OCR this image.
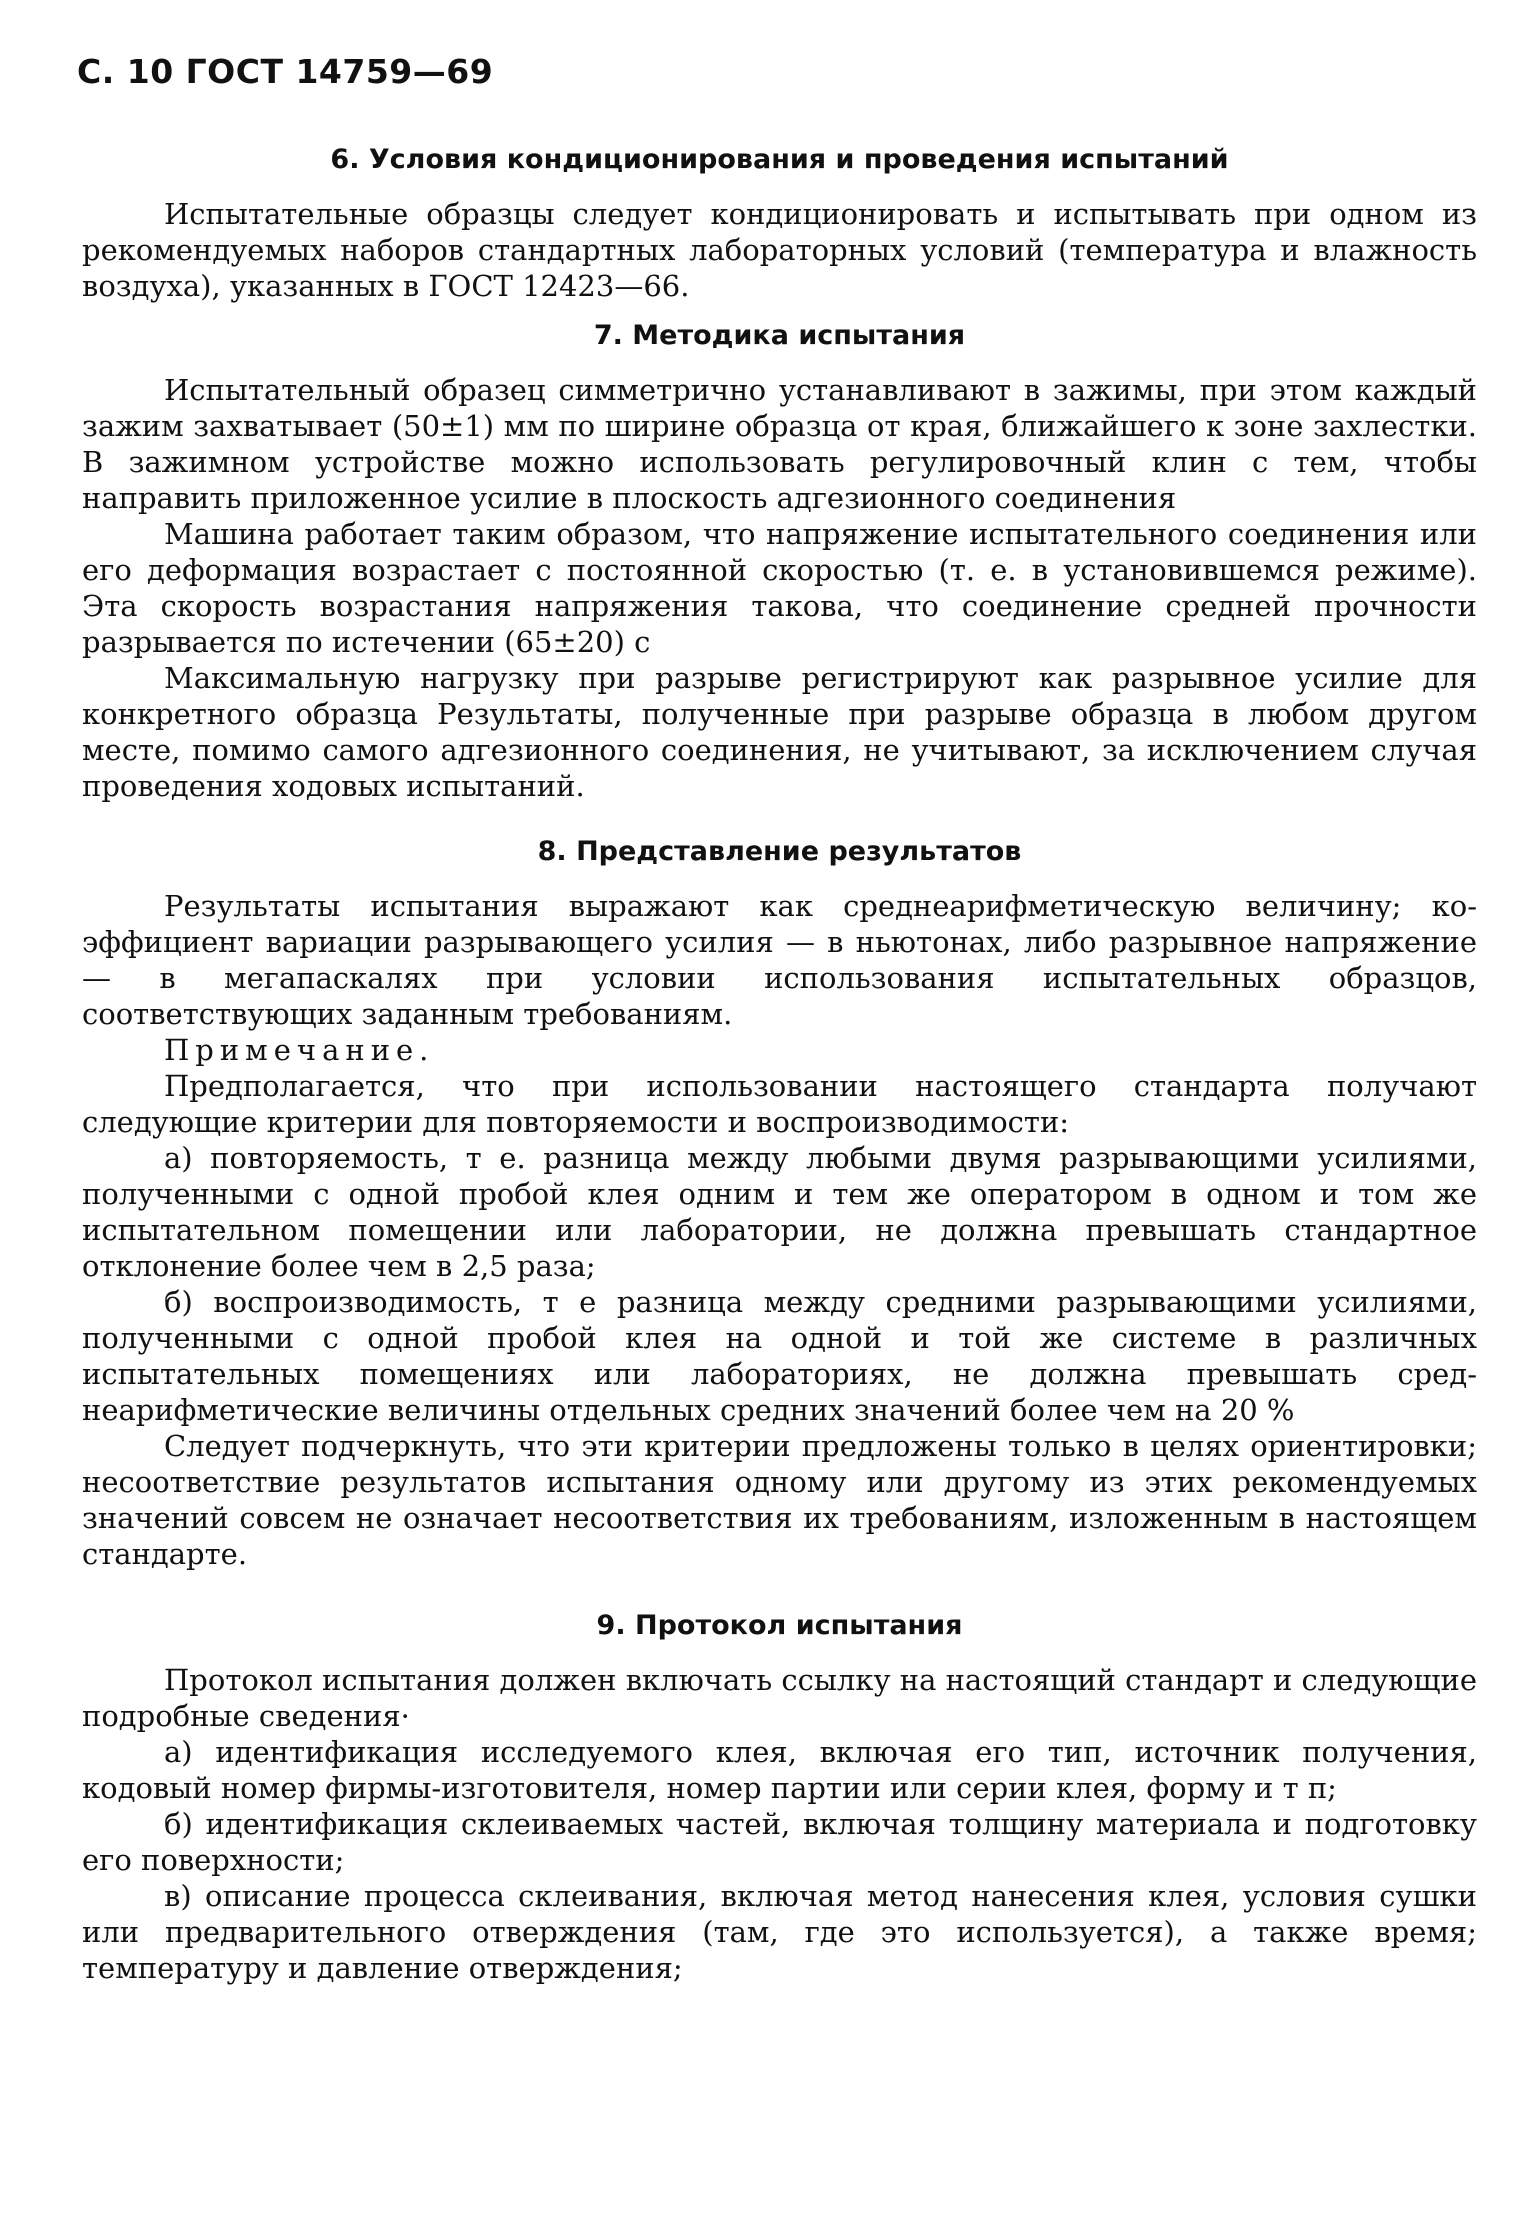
С. 10 ГОСТ 14759—69
6. Условия кондиционирования и проведения испытаний

Испытательные образцы следует кондиционировать и испытывать при одном из рекомендуемых наборов стандартных лабораторных условий (температура и влажность воздуха), указанных в ГОСТ 12423—66.

7. Методика испытания

Испытательный образец симметрично устанавливают в зажимы, при этом каждый зажим захватывает (50±1) мм по ширине образца от края, ближайшего к зоне захлестки. В зажимном устройстве можно использовать регулировочный клин с тем, чтобы направить приложенное усилие в плоскость адгезионного соединения

Машина работает таким образом, что напряжение испытательного соединения или его деформация возрастает с постоянной скоростью (т. е. в установившемся режиме). Эта скорость возрастания напряжения такова, что соединение средней прочности разрывается по истечении (65±20) с

Максимальную нагрузку при разрыве регистрируют как разрывное усилие для конкретного образца Результаты, полученные при разрыве образца в любом другом месте, помимо самого адгезионного соединения, не учитывают, за исключением случая проведения ходовых испытаний.

8. Представление результатов

Результаты испытания выражают как среднеарифметическую величину; коэффициент вариации разрывающего усилия — в ньютонах, либо разрывное напряжение — в мегапаскалях при условии использования испытательных образцов, соответствующих заданным требованиям.

Примечание.

Предполагается, что при использовании настоящего стандарта получают следующие критерии для повторяемости и воспроизводимости:

а) повторяемость, т е. разница между любыми двумя разрывающими усилиями, полученными с одной пробой клея одним и тем же оператором в одном и том же испытательном помещении или лаборатории, не должна превышать стандартное отклонение более чем в 2,5 раза;

б) воспроизводимость, т е разница между средними разрывающими усилиями, полученными с одной пробой клея на одной и той же системе в различных испытательных помещениях или лабораториях, не должна превышать среднеарифметические величины отдельных средних значений более чем на 20 %

Следует подчеркнуть, что эти критерии предложены только в целях ориентировки; несоответствие результатов испытания одному или другому из этих рекомендуемых значений совсем не означает несоответствия их требованиям, изложенным в настоящем стандарте.

9. Протокол испытания

Протокол испытания должен включать ссылку на настоящий стандарт и следующие подробные сведения·

а) идентификация исследуемого клея, включая его тип, источник получения, кодовый номер фирмы-изготовителя, номер партии или серии клея, форму и т п;

б) идентификация склеиваемых частей, включая толщину материала и подготовку его поверхности;

в) описание процесса склеивания, включая метод нанесения клея, условия сушки или предварительного отверждения (там, где это используется), а также время; температуру и давление отверждения;
